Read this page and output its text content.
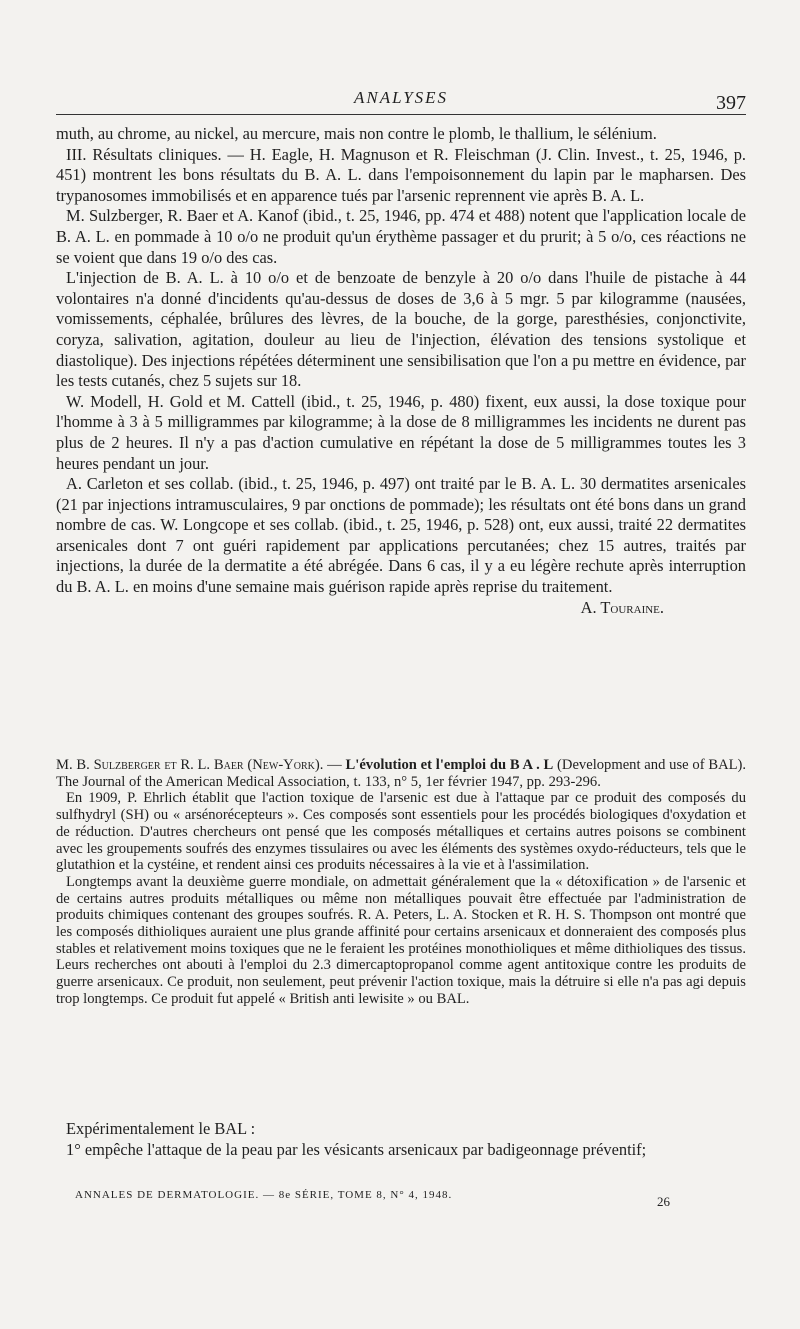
ANALYSES	397

muth, au chrome, au nickel, au mercure, mais non contre le plomb, le thallium, le sélénium.

III. Résultats cliniques. — H. Eagle, H. Magnuson et R. Fleischman (J. Clin. Invest., t. 25, 1946, p. 451) montrent les bons résultats du B. A. L. dans l'empoisonnement du lapin par le mapharsen. Des trypanosomes immobilisés et en apparence tués par l'arsenic reprennent vie après B. A. L.

M. Sulzberger, R. Baer et A. Kanof (ibid., t. 25, 1946, pp. 474 et 488) notent que l'application locale de B. A. L. en pommade à 10 o/o ne produit qu'un érythème passager et du prurit; à 5 o/o, ces réactions ne se voient que dans 19 o/o des cas.

L'injection de B. A. L. à 10 o/o et de benzoate de benzyle à 20 o/o dans l'huile de pistache à 44 volontaires n'a donné d'incidents qu'au-dessus de doses de 3,6 à 5 mgr. 5 par kilogramme (nausées, vomissements, céphalée, brûlures des lèvres, de la bouche, de la gorge, paresthésies, conjonctivite, coryza, salivation, agitation, douleur au lieu de l'injection, élévation des tensions systolique et diastolique). Des injections répétées déterminent une sensibilisation que l'on a pu mettre en évidence, par les tests cutanés, chez 5 sujets sur 18.

W. Modell, H. Gold et M. Cattell (ibid., t. 25, 1946, p. 480) fixent, eux aussi, la dose toxique pour l'homme à 3 à 5 milligrammes par kilogramme; à la dose de 8 milligrammes les incidents ne durent pas plus de 2 heures. Il n'y a pas d'action cumulative en répétant la dose de 5 milligrammes toutes les 3 heures pendant un jour.

A. Carleton et ses collab. (ibid., t. 25, 1946, p. 497) ont traité par le B. A. L. 30 dermatites arsenicales (21 par injections intramusculaires, 9 par onctions de pommade); les résultats ont été bons dans un grand nombre de cas. W. Longcope et ses collab. (ibid., t. 25, 1946, p. 528) ont, eux aussi, traité 22 dermatites arsenicales dont 7 ont guéri rapidement par applications percutanées; chez 15 autres, traités par injections, la durée de la dermatite a été abrégée. Dans 6 cas, il y a eu légère rechute après interruption du B. A. L. en moins d'une semaine mais guérison rapide après reprise du traitement.

A. Touraine.

M. B. Sulzberger et R. L. Baer (New-York). — L'évolution et l'emploi du B A . L (Development and use of BAL). The Journal of the American Medical Association, t. 133, n° 5, 1er février 1947, pp. 293-296.

En 1909, P. Ehrlich établit que l'action toxique de l'arsenic est due à l'attaque par ce produit des composés du sulfhydryl (SH) ou « arsénorécepteurs ». Ces composés sont essentiels pour les procédés biologiques d'oxydation et de réduction. D'autres chercheurs ont pensé que les composés métalliques et certains autres poisons se combinent avec les groupements soufrés des enzymes tissulaires ou avec les éléments des systèmes oxydo-réducteurs, tels que le glutathion et la cystéine, et rendent ainsi ces produits nécessaires à la vie et à l'assimilation.

Longtemps avant la deuxième guerre mondiale, on admettait généralement que la « détoxification » de l'arsenic et de certains autres produits métalliques ou même non métalliques pouvait être effectuée par l'administration de produits chimiques contenant des groupes soufrés. R. A. Peters, L. A. Stocken et R. H. S. Thompson ont montré que les composés dithioliques auraient une plus grande affinité pour certains arsenicaux et donneraient des composés plus stables et relativement moins toxiques que ne le feraient les protéines monothioliques et même dithioliques des tissus. Leurs recherches ont abouti à l'emploi du 2.3 dimercaptopropanol comme agent antitoxique contre les produits de guerre arsenicaux. Ce produit, non seulement, peut prévenir l'action toxique, mais la détruire si elle n'a pas agi depuis trop longtemps. Ce produit fut appelé « British anti lewisite » ou BAL.

Expérimentalement le BAL :

1° empêche l'attaque de la peau par les vésicants arsenicaux par badigeonnage préventif;

ANNALES DE DERMATOLOGIE. — 8e SÉRIE, TOME 8, N° 4, 1948.	26
